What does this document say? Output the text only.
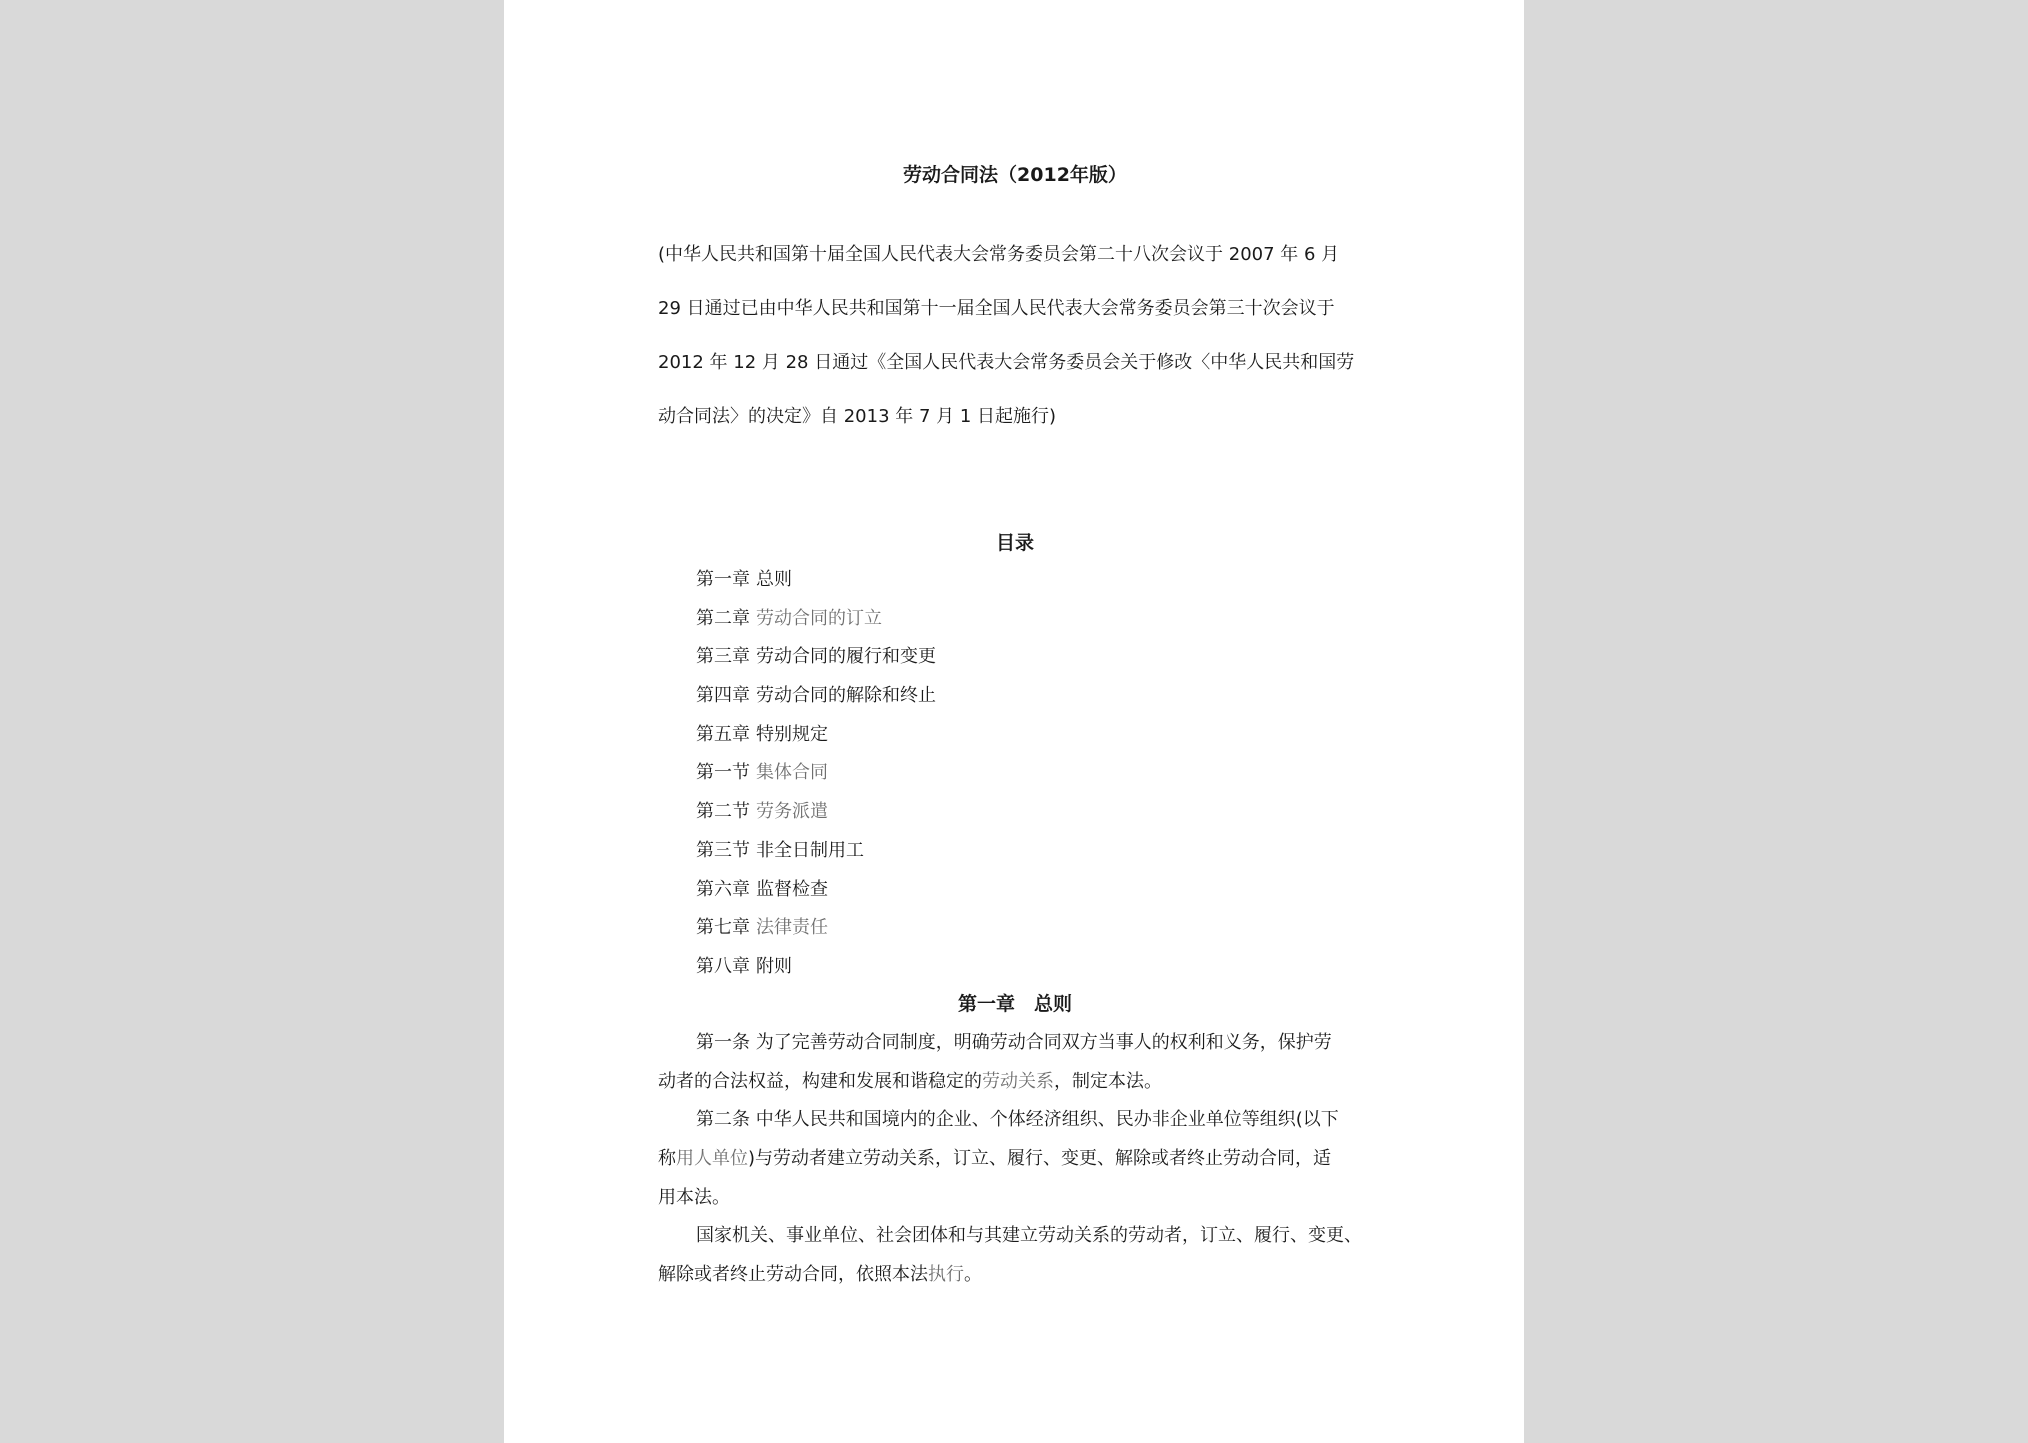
劳动合同法（2012年版）
(中华人民共和国第十届全国人民代表大会常务委员会第二十八次会议于 2007 年 6 月
29 日通过已由中华人民共和国第十一届全国人民代表大会常务委员会第三十次会议于
2012 年 12 月 28 日通过《全国人民代表大会常务委员会关于修改〈中华人民共和国劳
动合同法〉的决定》自 2013 年 7 月 1 日起施行)
目录
第一章 总则
第二章 劳动合同的订立
第三章 劳动合同的履行和变更
第四章 劳动合同的解除和终止
第五章 特别规定
第一节 集体合同
第二节 劳务派遣
第三节 非全日制用工
第六章 监督检查
第七章 法律责任
第八章 附则
第一章　总则
第一条 为了完善劳动合同制度，明确劳动合同双方当事人的权利和义务，保护劳
动者的合法权益，构建和发展和谐稳定的劳动关系，制定本法。
第二条 中华人民共和国境内的企业、个体经济组织、民办非企业单位等组织(以下
称用人单位)与劳动者建立劳动关系，订立、履行、变更、解除或者终止劳动合同，适
用本法。
国家机关、事业单位、社会团体和与其建立劳动关系的劳动者，订立、履行、变更、
解除或者终止劳动合同，依照本法执行。
